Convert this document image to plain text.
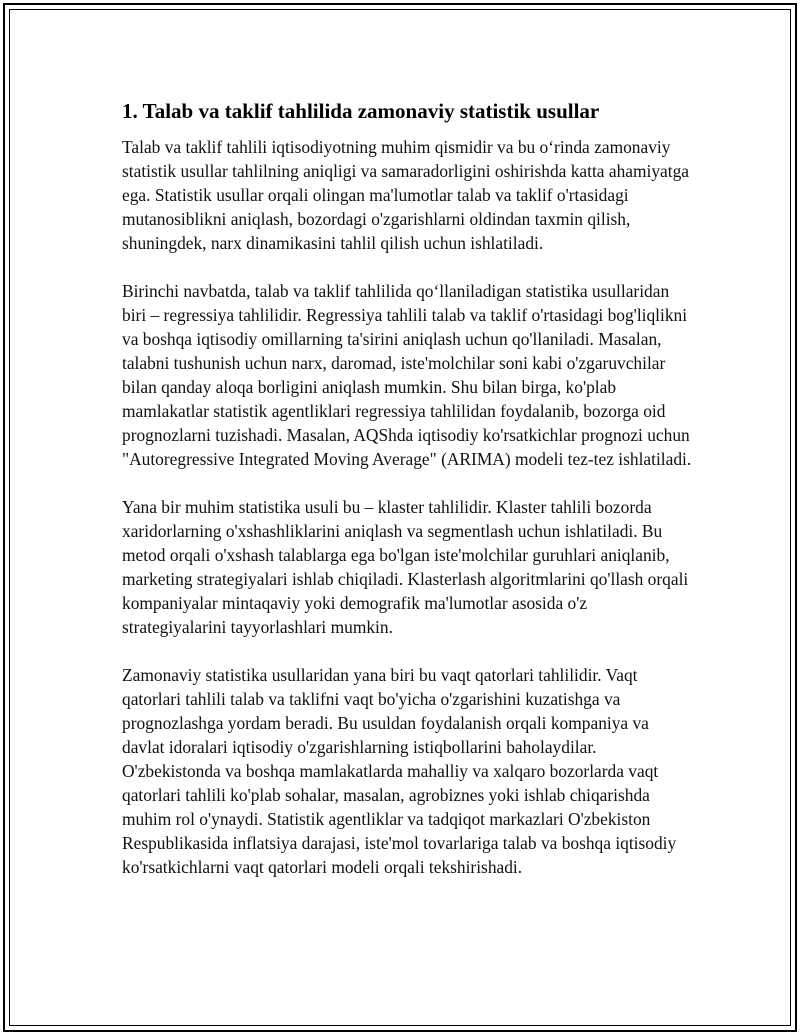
1. Talab va taklif tahlilida zamonaviy statistik usullar

Talab va taklif tahlili iqtisodiyotning muhim qismidir va bu o‘rinda zamonaviy statistik usullar tahlilning aniqligi va samaradorligini oshirishda katta ahamiyatga ega. Statistik usullar orqali olingan ma'lumotlar talab va taklif o'rtasidagi mutanosiblikni aniqlash, bozordagi o'zgarishlarni oldindan taxmin qilish, shuningdek, narx dinamikasini tahlil qilish uchun ishlatiladi.

Birinchi navbatda, talab va taklif tahlilida qo‘llaniladigan statistika usullaridan biri – regressiya tahlilidir. Regressiya tahlili talab va taklif o'rtasidagi bog'liqlikni va boshqa iqtisodiy omillarning ta'sirini aniqlash uchun qo'llaniladi. Masalan, talabni tushunish uchun narx, daromad, iste'molchilar soni kabi o'zgaruvchilar bilan qanday aloqa borligini aniqlash mumkin. Shu bilan birga, ko'plab mamlakatlar statistik agentliklari regressiya tahlilidan foydalanib, bozorga oid prognozlarni tuzishadi. Masalan, AQShda iqtisodiy ko'rsatkichlar prognozi uchun "Autoregressive Integrated Moving Average" (ARIMA) modeli tez-tez ishlatiladi.

Yana bir muhim statistika usuli bu – klaster tahlilidir. Klaster tahlili bozorda xaridorlarning o'xshashliklarini aniqlash va segmentlash uchun ishlatiladi. Bu metod orqali o'xshash talablarga ega bo'lgan iste'molchilar guruhlari aniqlanib, marketing strategiyalari ishlab chiqiladi. Klasterlash algoritmlarini qo'llash orqali kompaniyalar mintaqaviy yoki demografik ma'lumotlar asosida o'z strategiyalarini tayyorlashlari mumkin.

Zamonaviy statistika usullaridan yana biri bu vaqt qatorlari tahlilidir. Vaqt qatorlari tahlili talab va taklifni vaqt bo'yicha o'zgarishini kuzatishga va prognozlashga yordam beradi. Bu usuldan foydalanish orqali kompaniya va davlat idoralari iqtisodiy o'zgarishlarning istiqbollarini baholaydilar. O'zbekistonda va boshqa mamlakatlarda mahalliy va xalqaro bozorlarda vaqt qatorlari tahlili ko'plab sohalar, masalan, agrobiznes yoki ishlab chiqarishda muhim rol o'ynaydi. Statistik agentliklar va tadqiqot markazlari O'zbekiston Respublikasida inflatsiya darajasi, iste'mol tovarlariga talab va boshqa iqtisodiy ko'rsatkichlarni vaqt qatorlari modeli orqali tekshirishadi.
